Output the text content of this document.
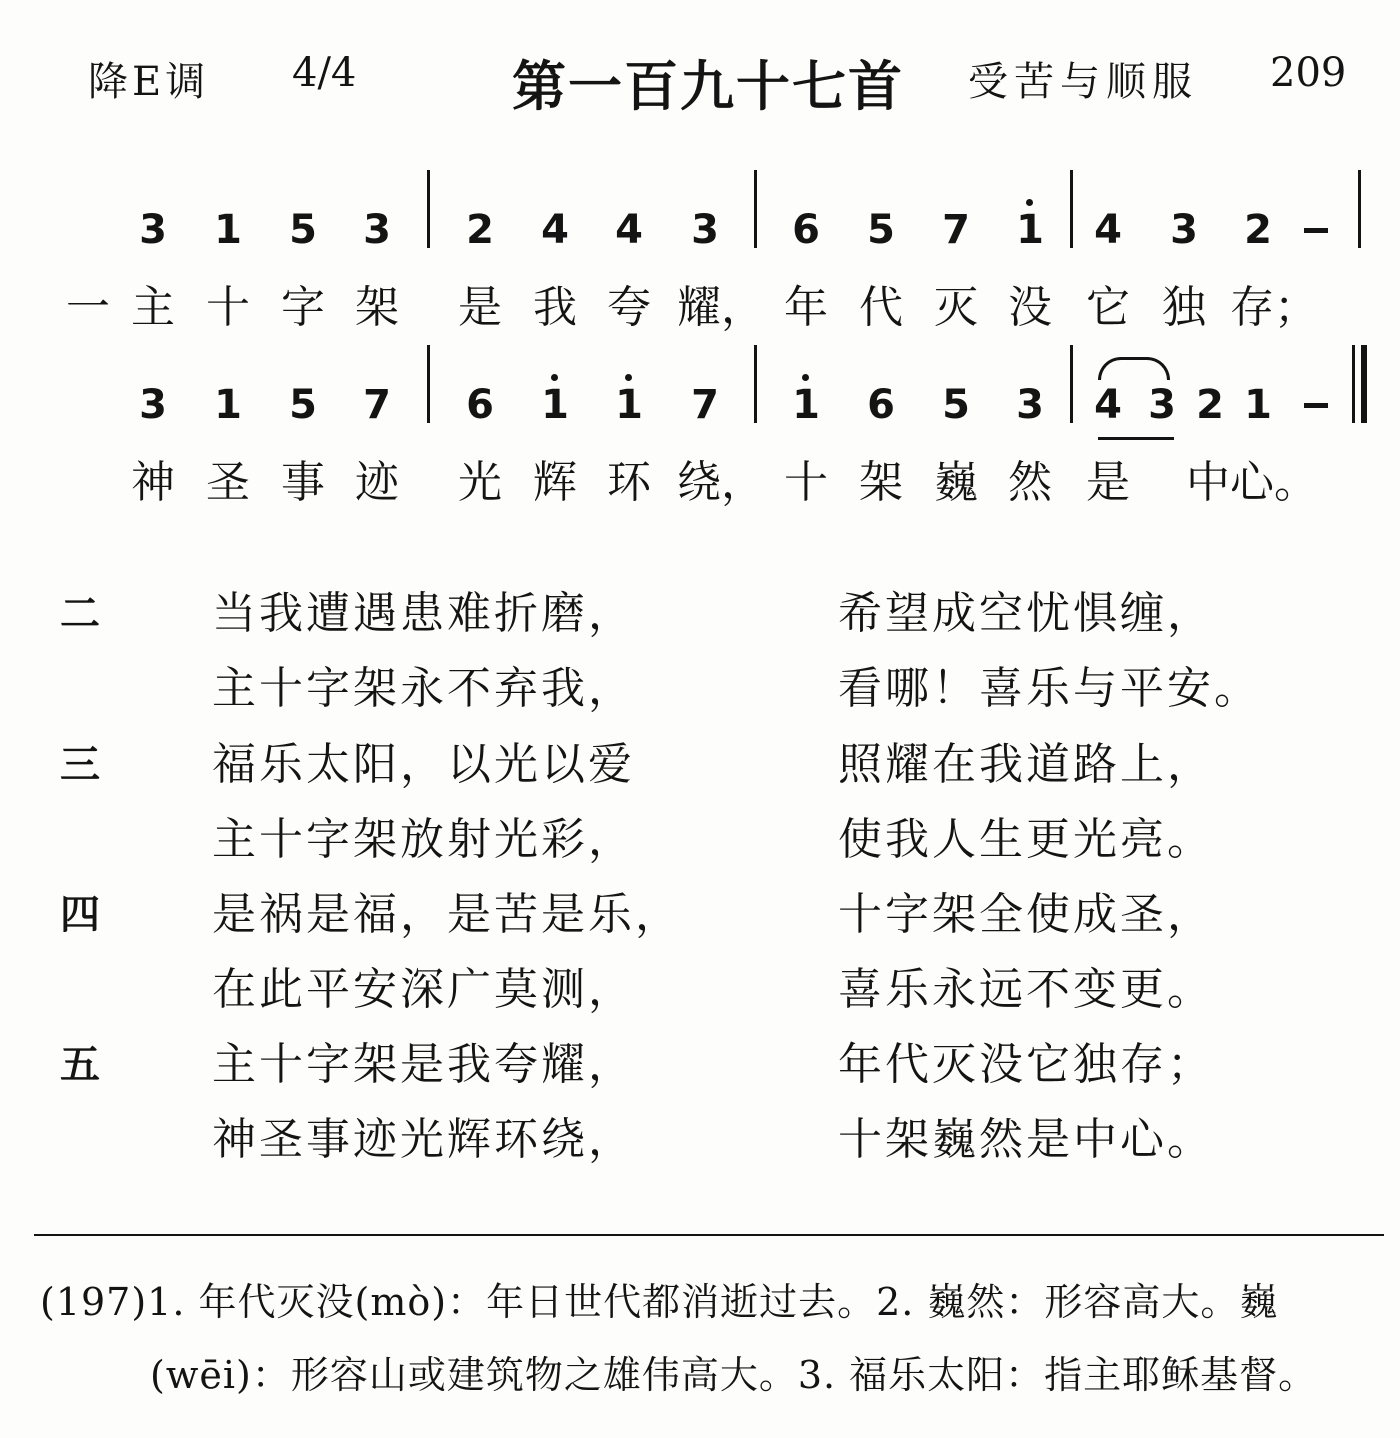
降E调 4/4	第一百九十七首 受苦与顺服 209
3 1 5 3 2 4 4 3 6 5 7 1 4 3 2
一 主 十 字 架 是 我 夸 耀， 年 代 灭 没 它 独 存；
3 1 5 7 6 1 1 7 1 6 5 3 4 3 2 1
神 圣 事 迹 光 辉 环 绕， 十 架 巍 然 是 中心。
二	当我遭遇患难折磨，	希望成空忧惧缠，
主十字架永不弃我，	看哪！喜乐与平安。
三	福乐太阳，以光以爱	照耀在我道路上，
主十字架放射光彩，	使我人生更光亮。
四	是祸是福，是苦是乐，	十字架全使成圣，
在此平安深广莫测，	喜乐永远不变更。
五	主十字架是我夸耀，	年代灭没它独存；
神圣事迹光辉环绕，	十架巍然是中心。
(197)1. 年代灭没(mò)：年日世代都消逝过去。2. 巍然：形容高大。巍
(wēi)：形容山或建筑物之雄伟高大。3. 福乐太阳：指主耶稣基督。
